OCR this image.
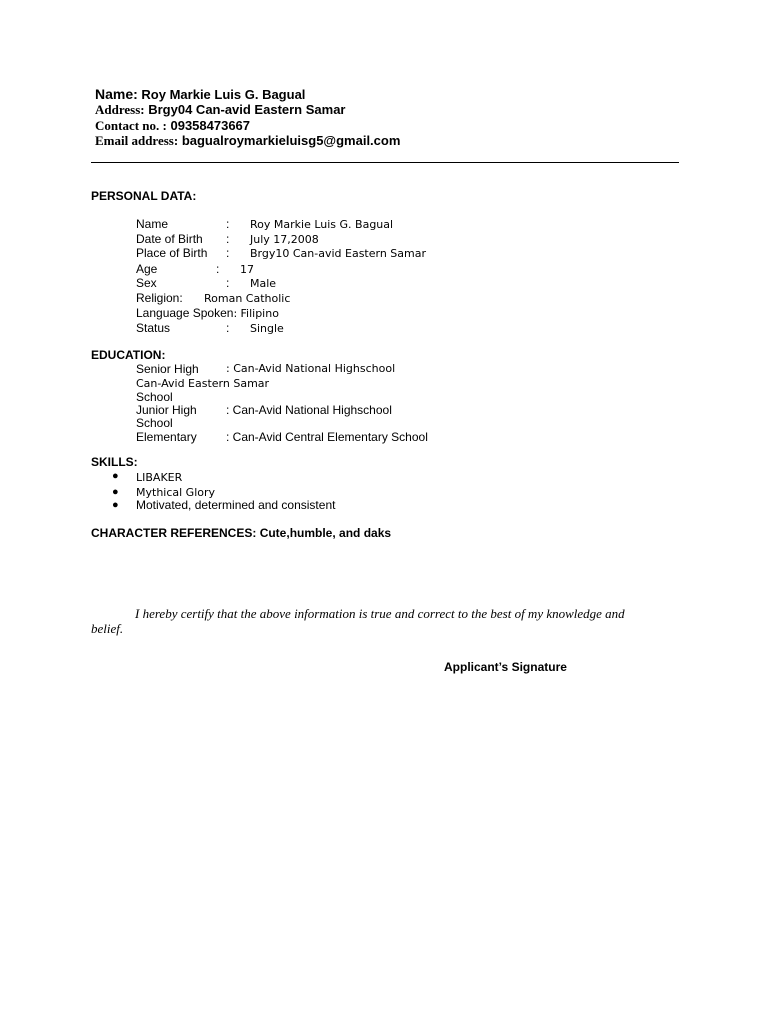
Name: Roy Markie Luis G. Bagual
Address: Brgy04 Can-avid Eastern Samar
Contact no. : 09358473667
Email address: bagualroymarkieluisg5@gmail.com
PERSONAL DATA:
Name	: Roy Markie Luis G. Bagual
Date of Birth : July 17,2008
Place of Birth : Brgy10 Can-avid Eastern Samar
Age	: 17
Sex	: Male
Religion: Roman Catholic
Language Spoken: Filipino
Status	: Single
EDUCATION:
Senior High : Can-Avid National Highschool
Can-Avid Eastern Samar
School
Junior High : Can-Avid National Highschool
School
Elementary : Can-Avid Central Elementary School
SKILLS:
● LIBAKER
● Mythical Glory
● Motivated, determined and consistent
CHARACTER REFERENCES: Cute,humble, and daks
I hereby certify that the above information is true and correct to the best of my knowledge and belief.
Applicant’s Signature
